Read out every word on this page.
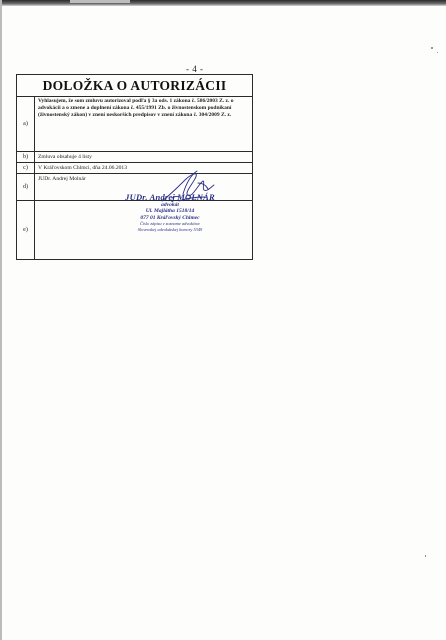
- 4 -
DOLOŽKA O AUTORIZÁCII
a)
Vyhlasujem, že som zmluvu autorizoval podľa § 3a ods. 1 zákona č. 586/2003 Z. z. o advokácii a o zmene a doplnení zákona č. 455/1991 Zb. o živnostenskom podnikaní (živnostenský zákon) v znení neskorších predpisov v znení zákona č. 304/2009 Z. z.
b)	Zmluva obsahuje 4 listy
c)	V Kráľovskom Chlmci, dňa 24.06.2013
d)
JUDr. Andrej Molnár
e)
JUDr. Andrej MOLNÁR
advokát
Ul. Majláthа 1518/14
077 01 Kráľovský Chlmec
Číslo zápisu v zozname advokátov
Slovenskej advokátskej komory 5349
